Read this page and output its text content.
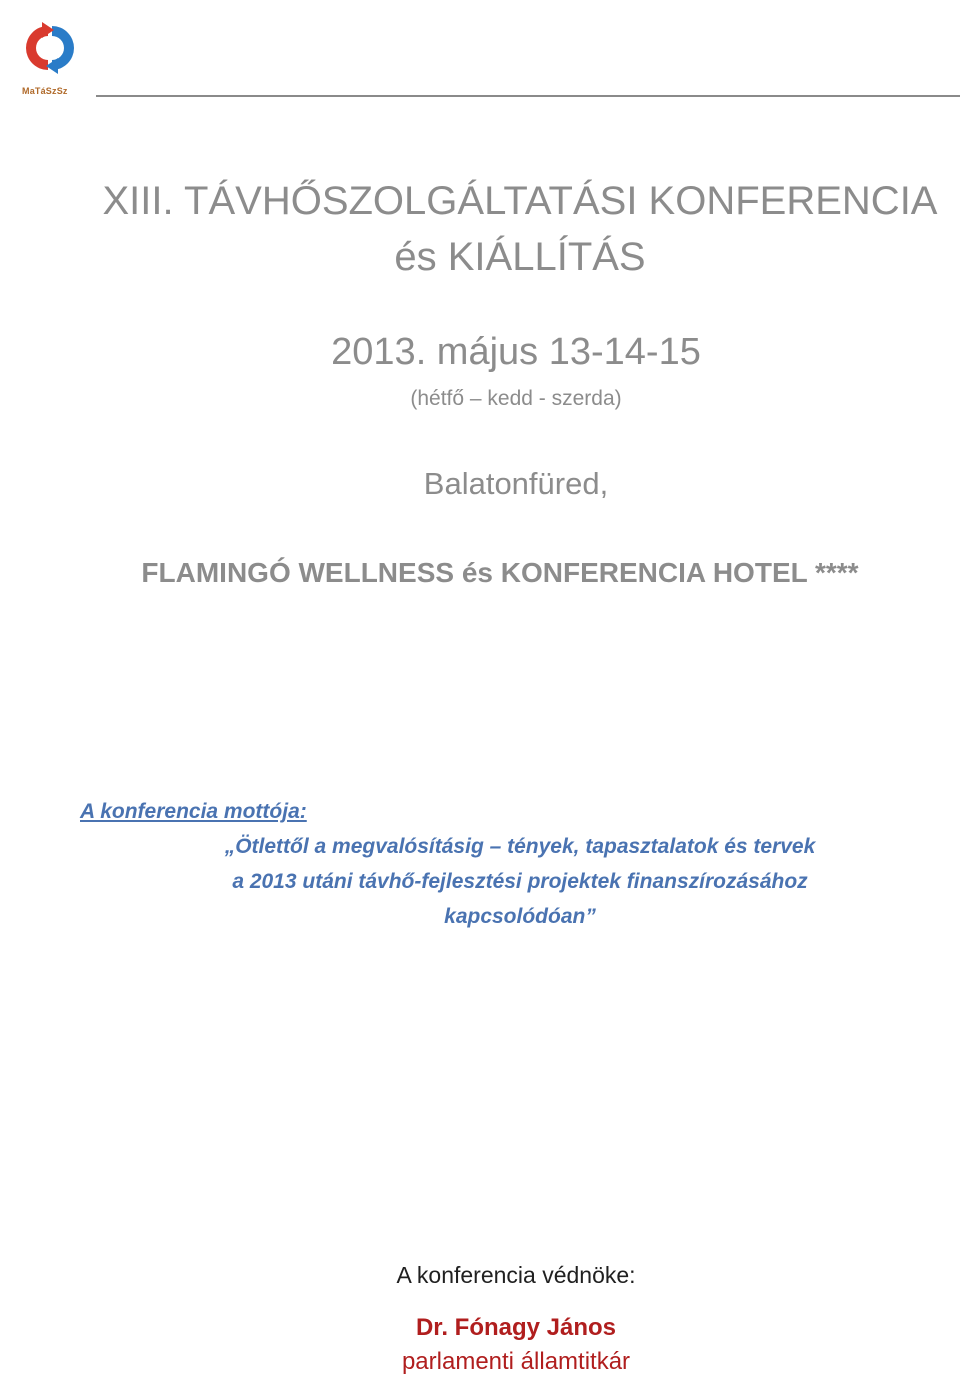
MaTáSzSz
XIII. TÁVHŐSZOLGÁLTATÁSI KONFERENCIA
és KIÁLLÍTÁS
2013. május 13-14-15
(hétfő – kedd - szerda)
Balatonfüred,
FLAMINGÓ WELLNESS és KONFERENCIA HOTEL ****
A konferencia mottója:
„Ötlettől a megvalósításig – tények, tapasztalatok és tervek
a 2013 utáni távhő-fejlesztési projektek finanszírozásához
kapcsolódóan”
A konferencia védnöke:
Dr. Fónagy János
parlamenti államtitkár
